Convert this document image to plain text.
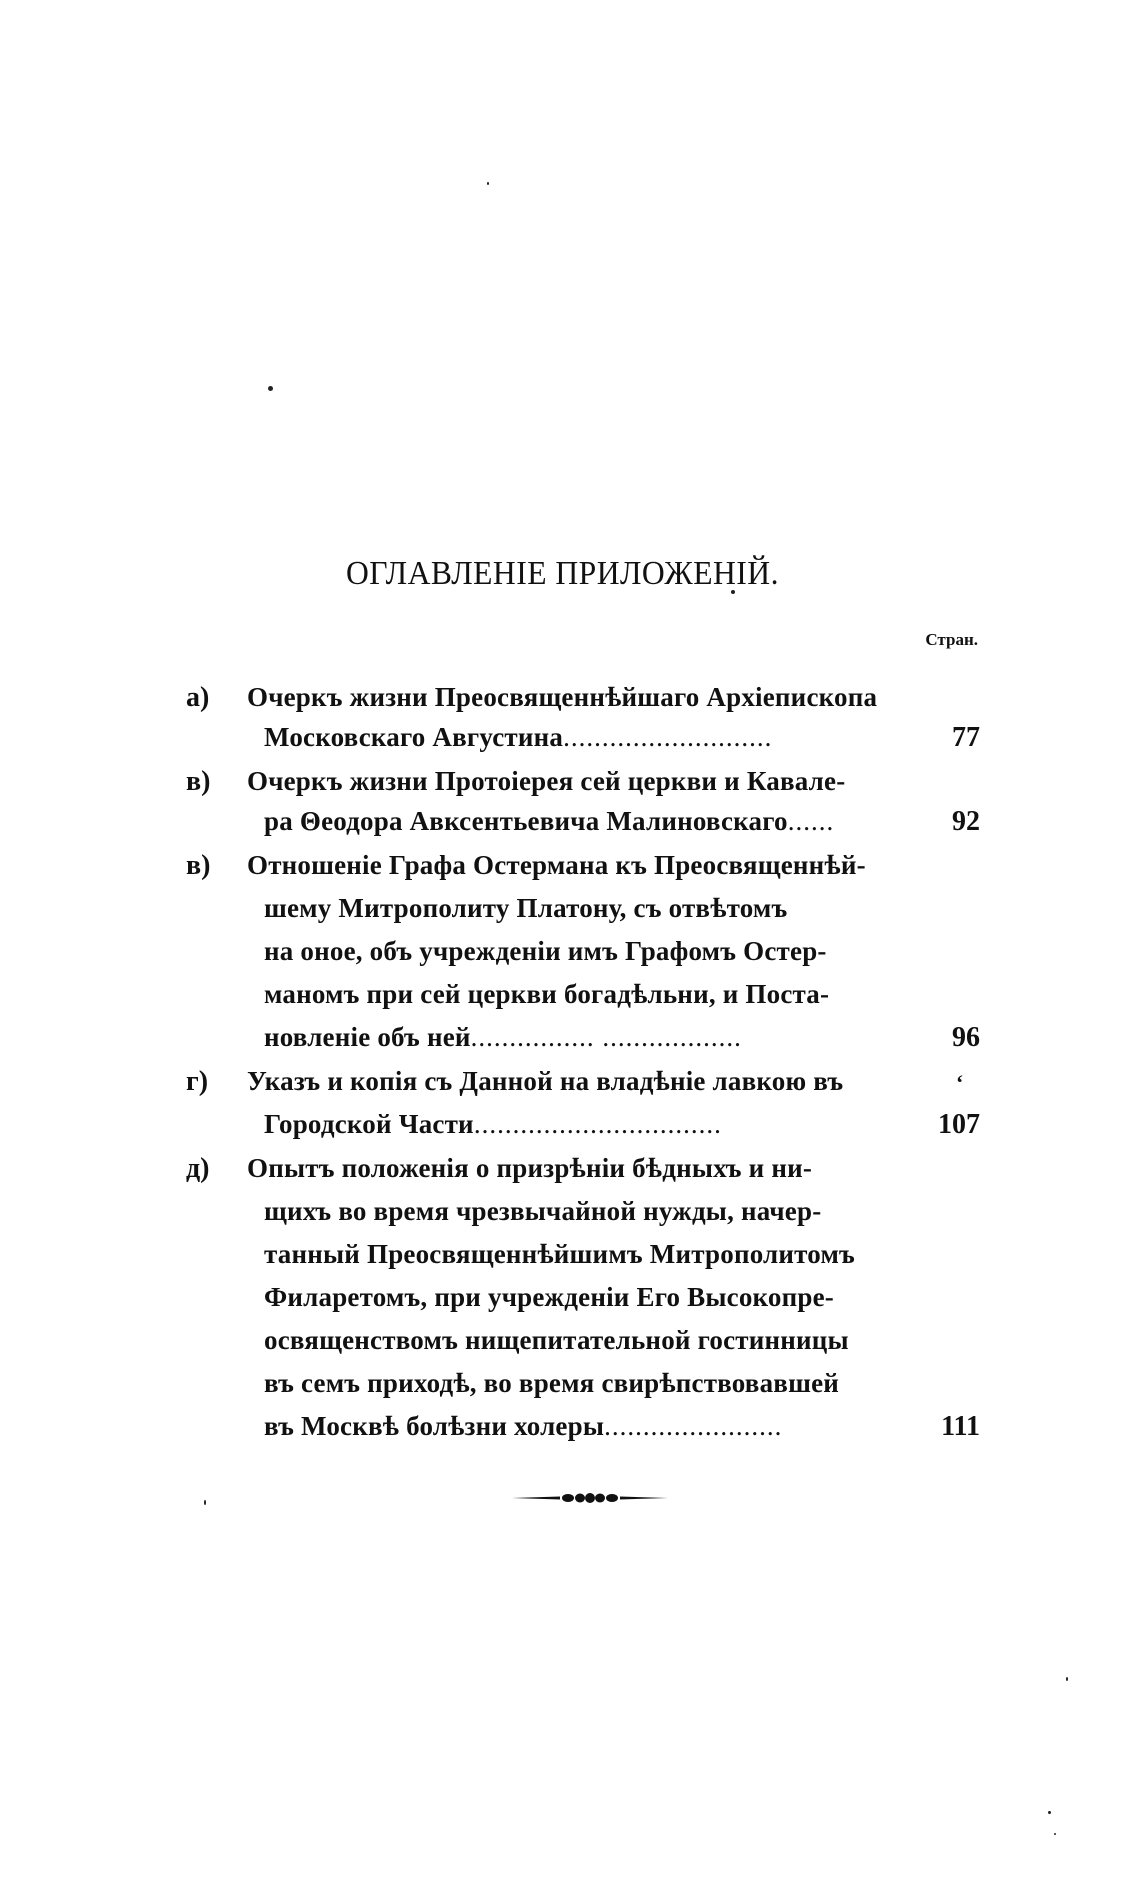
ОГЛАВЛЕНІЕ ПРИЛОЖЕНІЙ.
Стран.
а) Очеркъ жизни Преосвященнѣйшаго Архіепископа
Московскаго Августина...........................	77
в) Очеркъ жизни Протоіерея сей церкви и Кавале-
ра Θеодора Авксентьевича Малиновскаго......	92
в) Отношеніе Графа Остермана къ Преосвященнѣй-
шему Митрополиту Платону, съ отвѣтомъ
на оное, объ учрежденіи имъ Графомъ Остер-
маномъ при сей церкви богадѣльни, и Поста-
новленіе объ ней................ ..................	96
г) Указъ и копія съ Данной на владѣніе лавкою въ	ʻ
Городской Части................................	107
д) Опытъ положенія о призрѣніи бѣдныхъ и ни-
щихъ во время чрезвычайной нужды, начер-
танный Преосвященнѣйшимъ Митрополитомъ
Филаретомъ, при учрежденіи Его Высокопре-
освященствомъ нищепитательной гостинницы
въ семъ приходѣ, во время свирѣпствовавшей
въ Москвѣ болѣзни холеры.......................	111
